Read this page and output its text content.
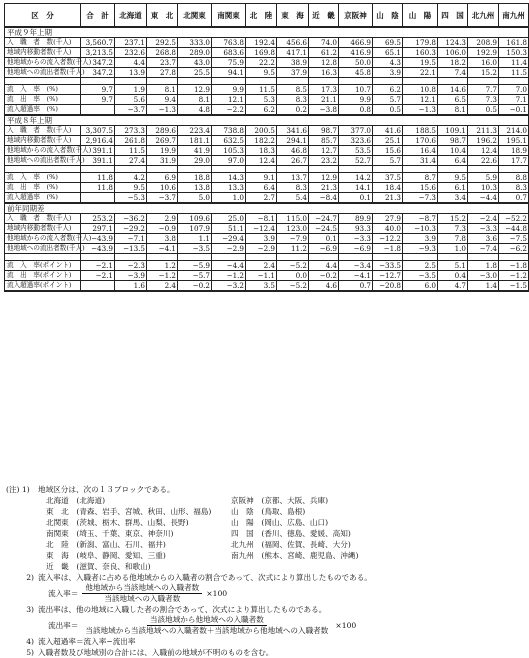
区　分	合　計	北海道	東　北	北関東	南関東	北　陸	東　海	近　畿	京阪神	山　陰	山　陽	四　国	北九州	南九州
平成９年上期														
入　職　者　数(千人)	3,560.7	237.1	292.5	333.0	763.8	192.4	456.6	74.0	466.9	69.5	179.8	124.3	208.9	161.8
地域内移動者数(千人)	3,213.5	232.6	268.8	289.0	683.6	169.8	417.1	61.2	416.9	65.1	160.3	106.0	192.9	150.3
他地域からの流入者数(千人)	347.2	4.4	23.7	43.0	75.9	22.2	38.9	12.8	50.0	4.3	19.5	18.2	16.0	11.4
他地域への流出者数(千人)	347.2	13.9	27.8	25.5	94.1	9.5	37.9	16.3	45.8	3.9	22.1	7.4	15.2	11.5

流　入　率　(%)	9.7	1.9	8.1	12.9	9.9	11.5	8.5	17.3	10.7	6.2	10.8	14.6	7.7	7.0
流　出　率　(%)	9.7	5.6	9.4	8.1	12.1	5.3	8.3	21.1	9.9	5.7	12.1	6.5	7.3	7.1
流入超過率　(%)		−3.7	−1.3	4.8	−2.2	6.2	0.2	−3.8	0.8	0.5	−1.3	8.1	0.5	−0.1
平成８年上期														
入　職　者　数(千人)	3,307.5	273.3	289.6	223.4	738.8	200.5	341.6	98.7	377.0	41.6	188.5	109.1	211.3	214.0
地域内移動者数(千人)	2,916.4	261.8	269.7	181.1	632.5	182.2	294.1	85.7	323.6	25.1	170.6	98.7	196.2	195.1
他地域からの流入者数(千人)	391.1	11.5	19.9	41.9	105.3	18.3	46.8	12.7	53.5	15.6	16.4	10.4	12.4	18.9
他地域への流出者数(千人)	391.1	27.4	31.9	29.0	97.0	12.4	26.7	23.2	52.7	5.7	31.4	6.4	22.6	17.7

流　入　率　(%)	11.8	4.2	6.9	18.8	14.3	9.1	13.7	12.9	14.2	37.5	8.7	9.5	5.9	8.8
流　出　率　(%)	11.8	9.5	10.6	13.8	13.3	6.4	8.3	21.3	14.1	18.4	15.6	6.1	10.3	8.3
流入超過率　(%)		−5.3	−3.7	5.0	1.0	2.7	5.4	−8.4	0.1	21.3	−7.3	3.4	−4.4	0.7
前年同期差														
入　職　者　数(千人)	253.2	−36.2	2.9	109.6	25.0	−8.1	115.0	−24.7	89.9	27.9	−8.7	15.2	−2.4	−52.2
地域内移動者数(千人)	297.1	−29.2	−0.9	107.9	51.1	−12.4	123.0	−24.5	93.3	40.0	−10.3	7.3	−3.3	−44.8
他地域からの流入者数(千人)	−43.9	−7.1	3.8	1.1	−29.4	3.9	−7.9	0.1	−3.3	−12.2	3.9	7.8	3.6	−7.5
他地域への流出者数(千人)	−43.9	−13.5	−4.1	−3.5	−2.9	−2.9	11.2	−6.9	−6.9	−1.8	−9.3	1.0	−7.4	−6.2

流　入　率(ポイント)	−2.1	−2.3	1.2	−5.9	−4.4	2.4	−5.2	4.4	−3.4	−33.5	2.5	5.1	1.8	−1.8
流　出　率(ポイント)	−2.1	−3.9	−1.2	−5.7	−1.2	−1.1	0.0	−0.2	−4.1	−12.7	−3.5	0.4	−3.0	−1.2
流入超過率(ポイント)		1.6	2.4	−0.2	−3.2	3.5	−5.2	4.6	0.7	−20.8	6.0	4.7	1.4	−1.5
(注) 1)	地域区分は、次の１３ブロックである。
北海道　(北海道)
東　北　(青森、岩手、宮城、秋田、山形、福島)
北関東　(茨城、栃木、群馬、山梨、長野)
南関東　(埼玉、千葉、東京、神奈川)
北　陸　(新潟、富山、石川、福井)
東　海　(岐阜、静岡、愛知、三重)
近　畿　(滋賀、奈良、和歌山)
京阪神　(京都、大阪、兵庫)
山　陰　(鳥取、島根)
山　陽　(岡山、広島、山口)
四　国　(香川、徳島、愛媛、高知)
北九州　(福岡、佐賀、長崎、大分)
南九州　(熊本、宮崎、鹿児島、沖縄)
2) 流入率は、入職者に占める他地域からの入職者の割合であって、次式により算出したものである。
流入率＝ $\frac{\text{他地域から当該地域への入職者数}}{\text{当該地域への入職者数}} \times 100$
3) 流出率は、他の地域に入職した者の割合であって、次式により算出したものである。
流出率＝ $\frac{\text{当該地域から他地域への入職者数}}{\text{当該地域から当該地域への入職者数＋当該地域から他地域への入職者数}} \times 100$
4) 流入超過率＝流入率−流出率
5) 入職者数及び地域別の合計には、入職前の地域が不明のものを含む。
